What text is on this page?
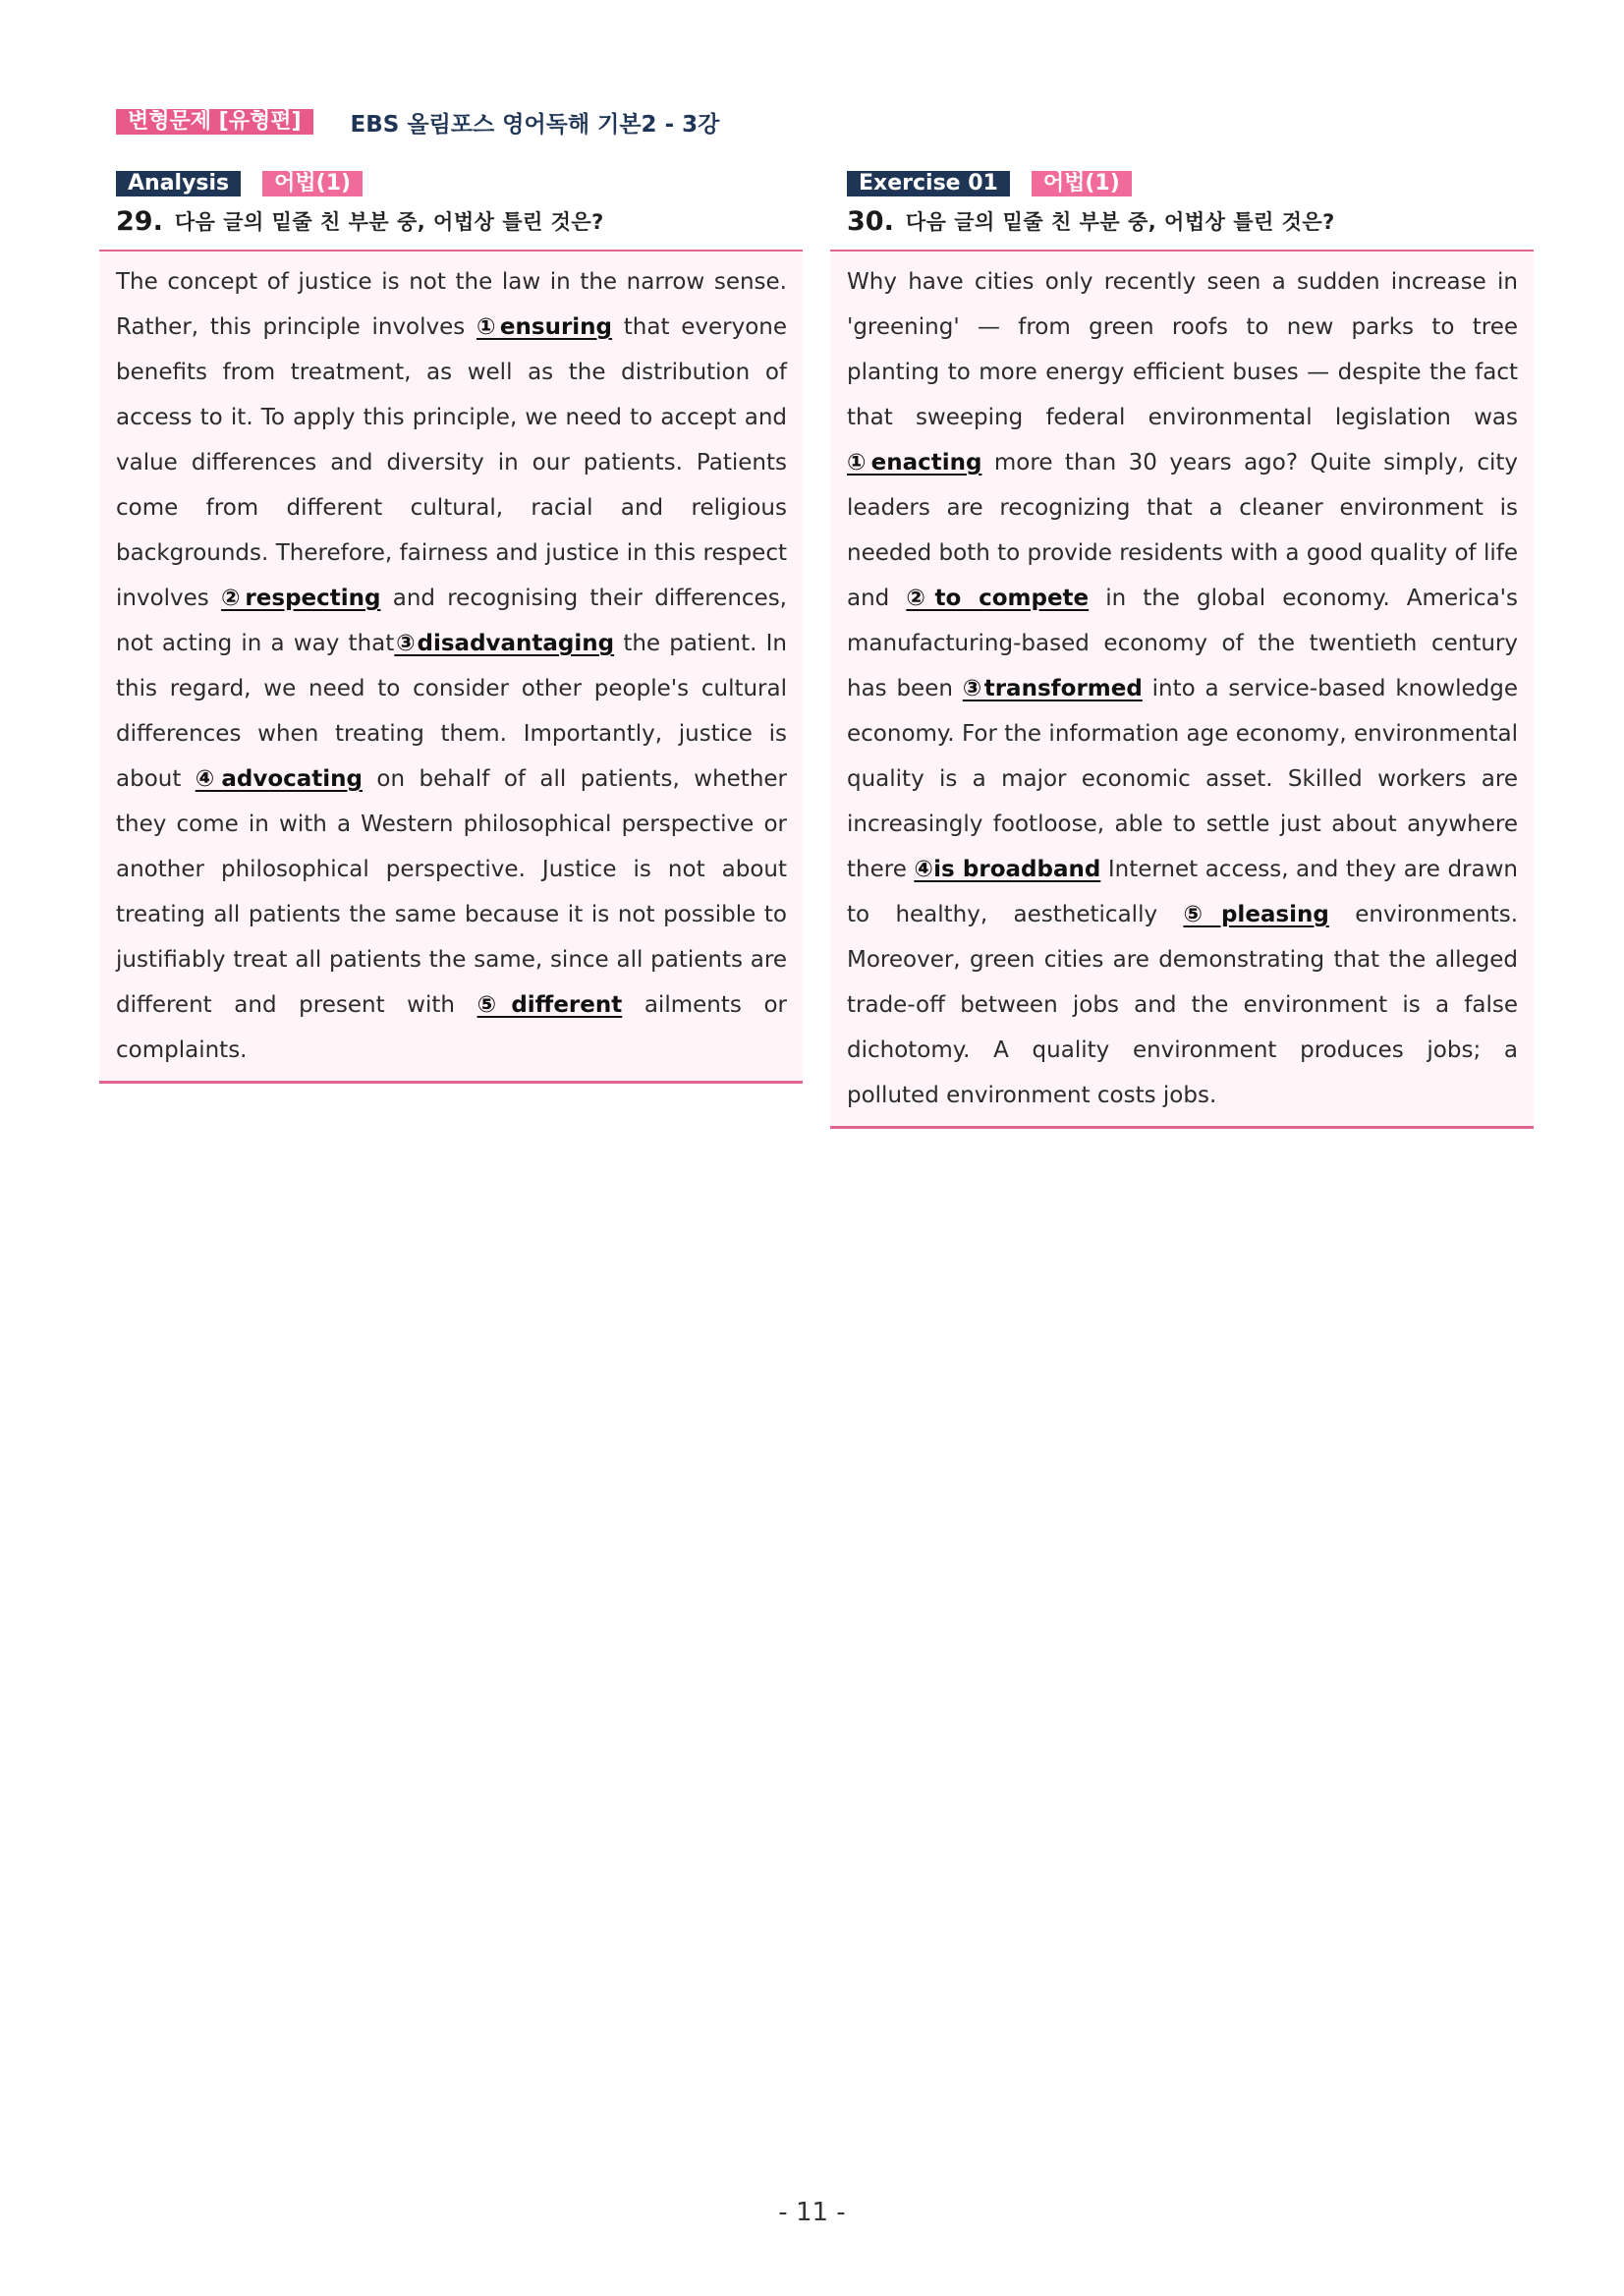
변형문제 [유형편]	EBS 올림포스 영어독해 기본2 - 3강
Analysis	어법(1)
29. 다음 글의 밑줄 친 부분 중, 어법상 틀린 것은?

The concept of justice is not the law in the narrow sense. Rather, this principle involves ①ensuring that everyone benefits from treatment, as well as the distribution of access to it. To apply this principle, we need to accept and value differences and diversity in our patients. Patients come from different cultural, racial and religious backgrounds. Therefore, fairness and justice in this respect involves ②respecting and recognising their differences, not acting in a way that③disadvantaging the patient. In this regard, we need to consider other people's cultural differences when treating them. Importantly, justice is about ④advocating on behalf of all patients, whether they come in with a Western philosophical perspective or another philosophical perspective. Justice is not about treating all patients the same because it is not possible to justifiably treat all patients the same, since all patients are different and present with ⑤different ailments or complaints.

Exercise 01	어법(1)
30. 다음 글의 밑줄 친 부분 중, 어법상 틀린 것은?

Why have cities only recently seen a sudden increase in 'greening' — from green roofs to new parks to tree planting to more energy efficient buses — despite the fact that sweeping federal environmental legislation was ①enacting more than 30 years ago? Quite simply, city leaders are recognizing that a cleaner environment is needed both to provide residents with a good quality of life and ②to compete in the global economy. America's manufacturing-based economy of the twentieth century has been ③transformed into a service-based knowledge economy. For the information age economy, environmental quality is a major economic asset. Skilled workers are increasingly footloose, able to settle just about anywhere there ④is broadband Internet access, and they are drawn to healthy, aesthetically ⑤pleasing environments. Moreover, green cities are demonstrating that the alleged trade-off between jobs and the environment is a false dichotomy. A quality environment produces jobs; a polluted environment costs jobs.

- 11 -
